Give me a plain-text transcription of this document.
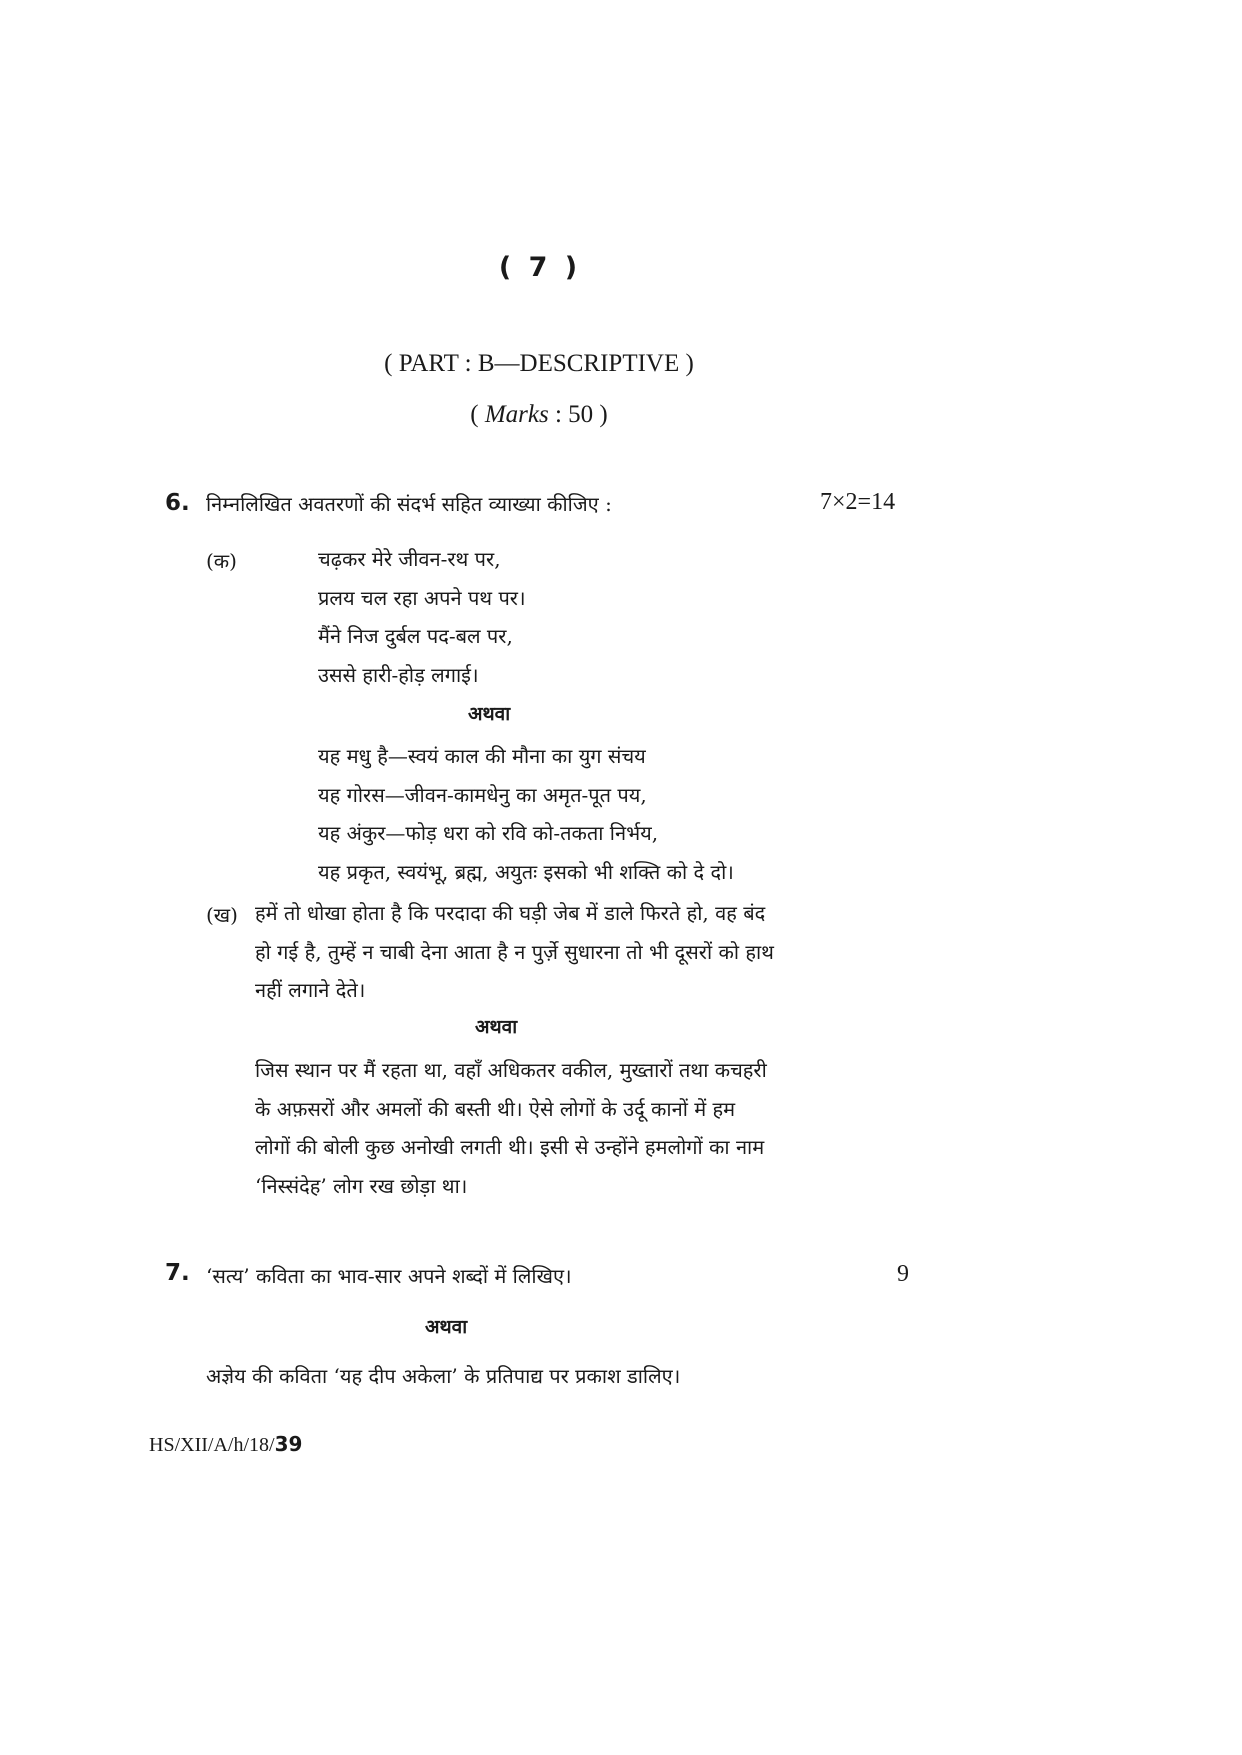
( 7 )
( PART : B—DESCRIPTIVE )
( Marks : 50 )
6. निम्नलिखित अवतरणों की संदर्भ सहित व्याख्या कीजिए :	7×2=14
(क)	चढ़कर मेरे जीवन-रथ पर,
प्रलय चल रहा अपने पथ पर।
मैंने निज दुर्बल पद-बल पर,
उससे हारी-होड़ लगाई।
अथवा
यह मधु है—स्वयं काल की मौना का युग संचय
यह गोरस—जीवन-कामधेनु का अमृत-पूत पय,
यह अंकुर—फोड़ धरा को रवि को-तकता निर्भय,
यह प्रकृत, स्वयंभू, ब्रह्म, अयुतः इसको भी शक्ति को दे दो।
(ख) हमें तो धोखा होता है कि परदादा की घड़ी जेब में डाले फिरते हो, वह बंद
हो गई है, तुम्हें न चाबी देना आता है न पुर्ज़े सुधारना तो भी दूसरों को हाथ
नहीं लगाने देते।
अथवा
जिस स्थान पर मैं रहता था, वहाँ अधिकतर वकील, मुख्तारों तथा कचहरी
के अफ़सरों और अमलों की बस्ती थी। ऐसे लोगों के उर्दू कानों में हम
लोगों की बोली कुछ अनोखी लगती थी। इसी से उन्होंने हमलोगों का नाम
‘निस्संदेह’ लोग रख छोड़ा था।
7. ‘सत्य’ कविता का भाव-सार अपने शब्दों में लिखिए।	9
अथवा
अज्ञेय की कविता ‘यह दीप अकेला’ के प्रतिपाद्य पर प्रकाश डालिए।
HS/XII/A/h/18/39
